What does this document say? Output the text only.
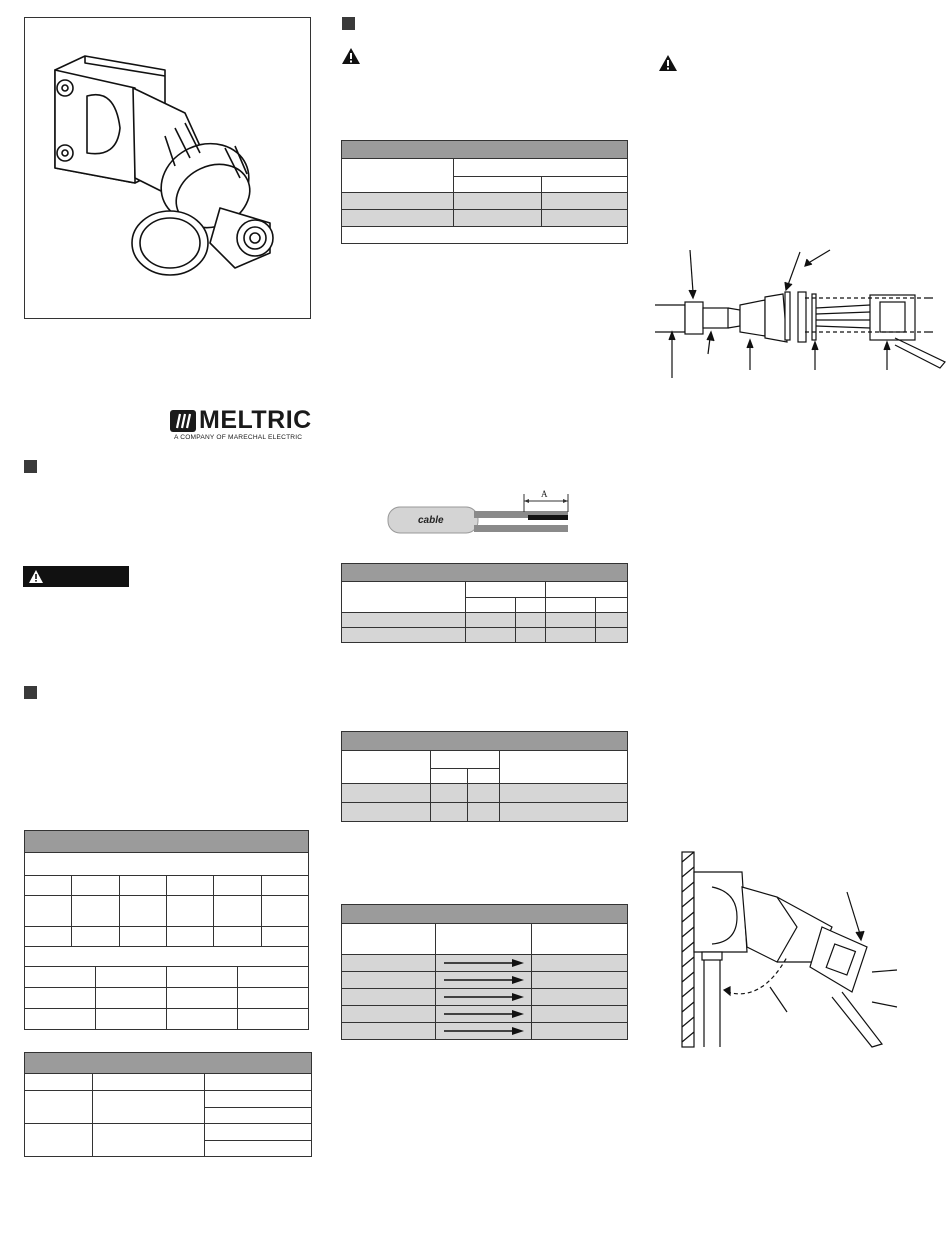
MELTRIC
A COMPANY OF MARECHAL ELECTRIC

A
cable
